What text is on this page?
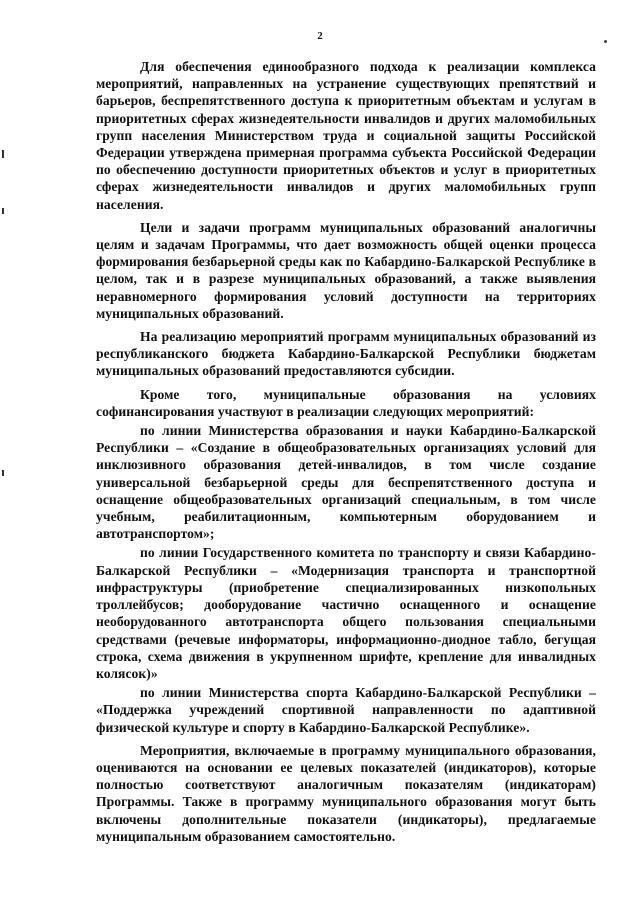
2

Для обеспечения единообразного подхода к реализации комплекса мероприятий, направленных на устранение существующих препятствий и барьеров, беспрепятственного доступа к приоритетным объектам и услугам в приоритетных сферах жизнедеятельности инвалидов и других маломобильных групп населения Министерством труда и социальной защиты Российской Федерации утверждена примерная программа субъекта Российской Федерации по обеспечению доступности приоритетных объектов и услуг в приоритетных сферах жизнедеятельности инвалидов и других маломобильных групп населения.

Цели и задачи программ муниципальных образований аналогичны целям и задачам Программы, что дает возможность общей оценки процесса формирования безбарьерной среды как по Кабардино-Балкарской Республике в целом, так и в разрезе муниципальных образований, а также выявления неравномерного формирования условий доступности на территориях муниципальных образований.

На реализацию мероприятий программ муниципальных образований из республиканского бюджета Кабардино-Балкарской Республики бюджетам муниципальных образований предоставляются субсидии.

Кроме того, муниципальные образования на условиях софинансирования участвуют в реализации следующих мероприятий:

по линии Министерства образования и науки Кабардино-Балкарской Республики – «Создание в общеобразовательных организациях условий для инклюзивного образования детей-инвалидов, в том числе создание универсальной безбарьерной среды для беспрепятственного доступа и оснащение общеобразовательных организаций специальным, в том числе учебным, реабилитационным, компьютерным оборудованием и автотранспортом»;

по линии Государственного комитета по транспорту и связи Кабардино-Балкарской Республики – «Модернизация транспорта и транспортной инфраструктуры (приобретение специализированных низкопольных троллейбусов; дооборудование частично оснащенного и оснащение необорудованного автотранспорта общего пользования специальными средствами (речевые информаторы, информационно-диодное табло, бегущая строка, схема движения в укрупненном шрифте, крепление для инвалидных колясок)»

по линии Министерства спорта Кабардино-Балкарской Республики – «Поддержка учреждений спортивной направленности по адаптивной физической культуре и спорту в Кабардино-Балкарской Республике».

Мероприятия, включаемые в программу муниципального образования, оцениваются на основании ее целевых показателей (индикаторов), которые полностью соответствуют аналогичным показателям (индикаторам) Программы. Также в программу муниципального образования могут быть включены дополнительные показатели (индикаторы), предлагаемые муниципальным образованием самостоятельно.
